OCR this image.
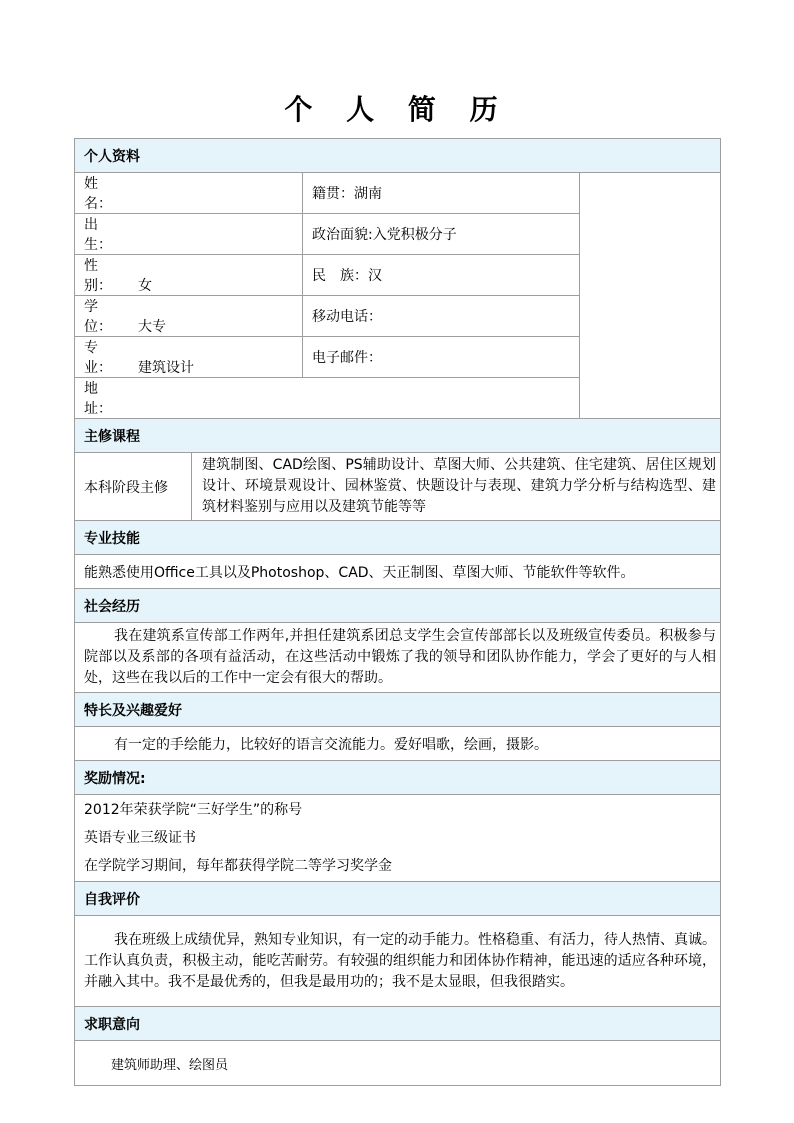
个 人 简 历
个人资料			
姓　名：		籍贯：湖南	
出　生：		政治面貌:入党积极分子	
性　别： 女		民　族：汉	
学　位： 大专		移动电话：	
专　业： 建筑设计		电子邮件：	
地　址：			
主修课程			
本科阶段主修	建筑制图、CAD绘图、PS辅助设计、草图大师、公共建筑、住宅建筑、居住区规划设计、环境景观设计、园林鉴赏、快题设计与表现、建筑力学分析与结构选型、建筑材料鉴别与应用以及建筑节能等等		
专业技能			
能熟悉使用Office工具以及Photoshop、CAD、天正制图、草图大师、节能软件等软件。			
社会经历			
我在建筑系宣传部工作两年,并担任建筑系团总支学生会宣传部部长以及班级宣传委员。积极参与院部以及系部的各项有益活动，在这些活动中锻炼了我的领导和团队协作能力，学会了更好的与人相处，这些在我以后的工作中一定会有很大的帮助。			
特长及兴趣爱好			
有一定的手绘能力，比较好的语言交流能力。爱好唱歌，绘画，摄影。			
奖励情况:			

2012年荣获学院“三好学生”的称号
英语专业三级证书
在学院学习期间，每年都获得学院二等学习奖学金			

自我评价			
我在班级上成绩优异，熟知专业知识，有一定的动手能力。性格稳重、有活力，待人热情、真诚。工作认真负责，积极主动，能吃苦耐劳。有较强的组织能力和团体协作精神，能迅速的适应各种环境，并融入其中。我不是最优秀的，但我是最用功的；我不是太显眼，但我很踏实。			
求职意向			
建筑师助理、绘图员			
